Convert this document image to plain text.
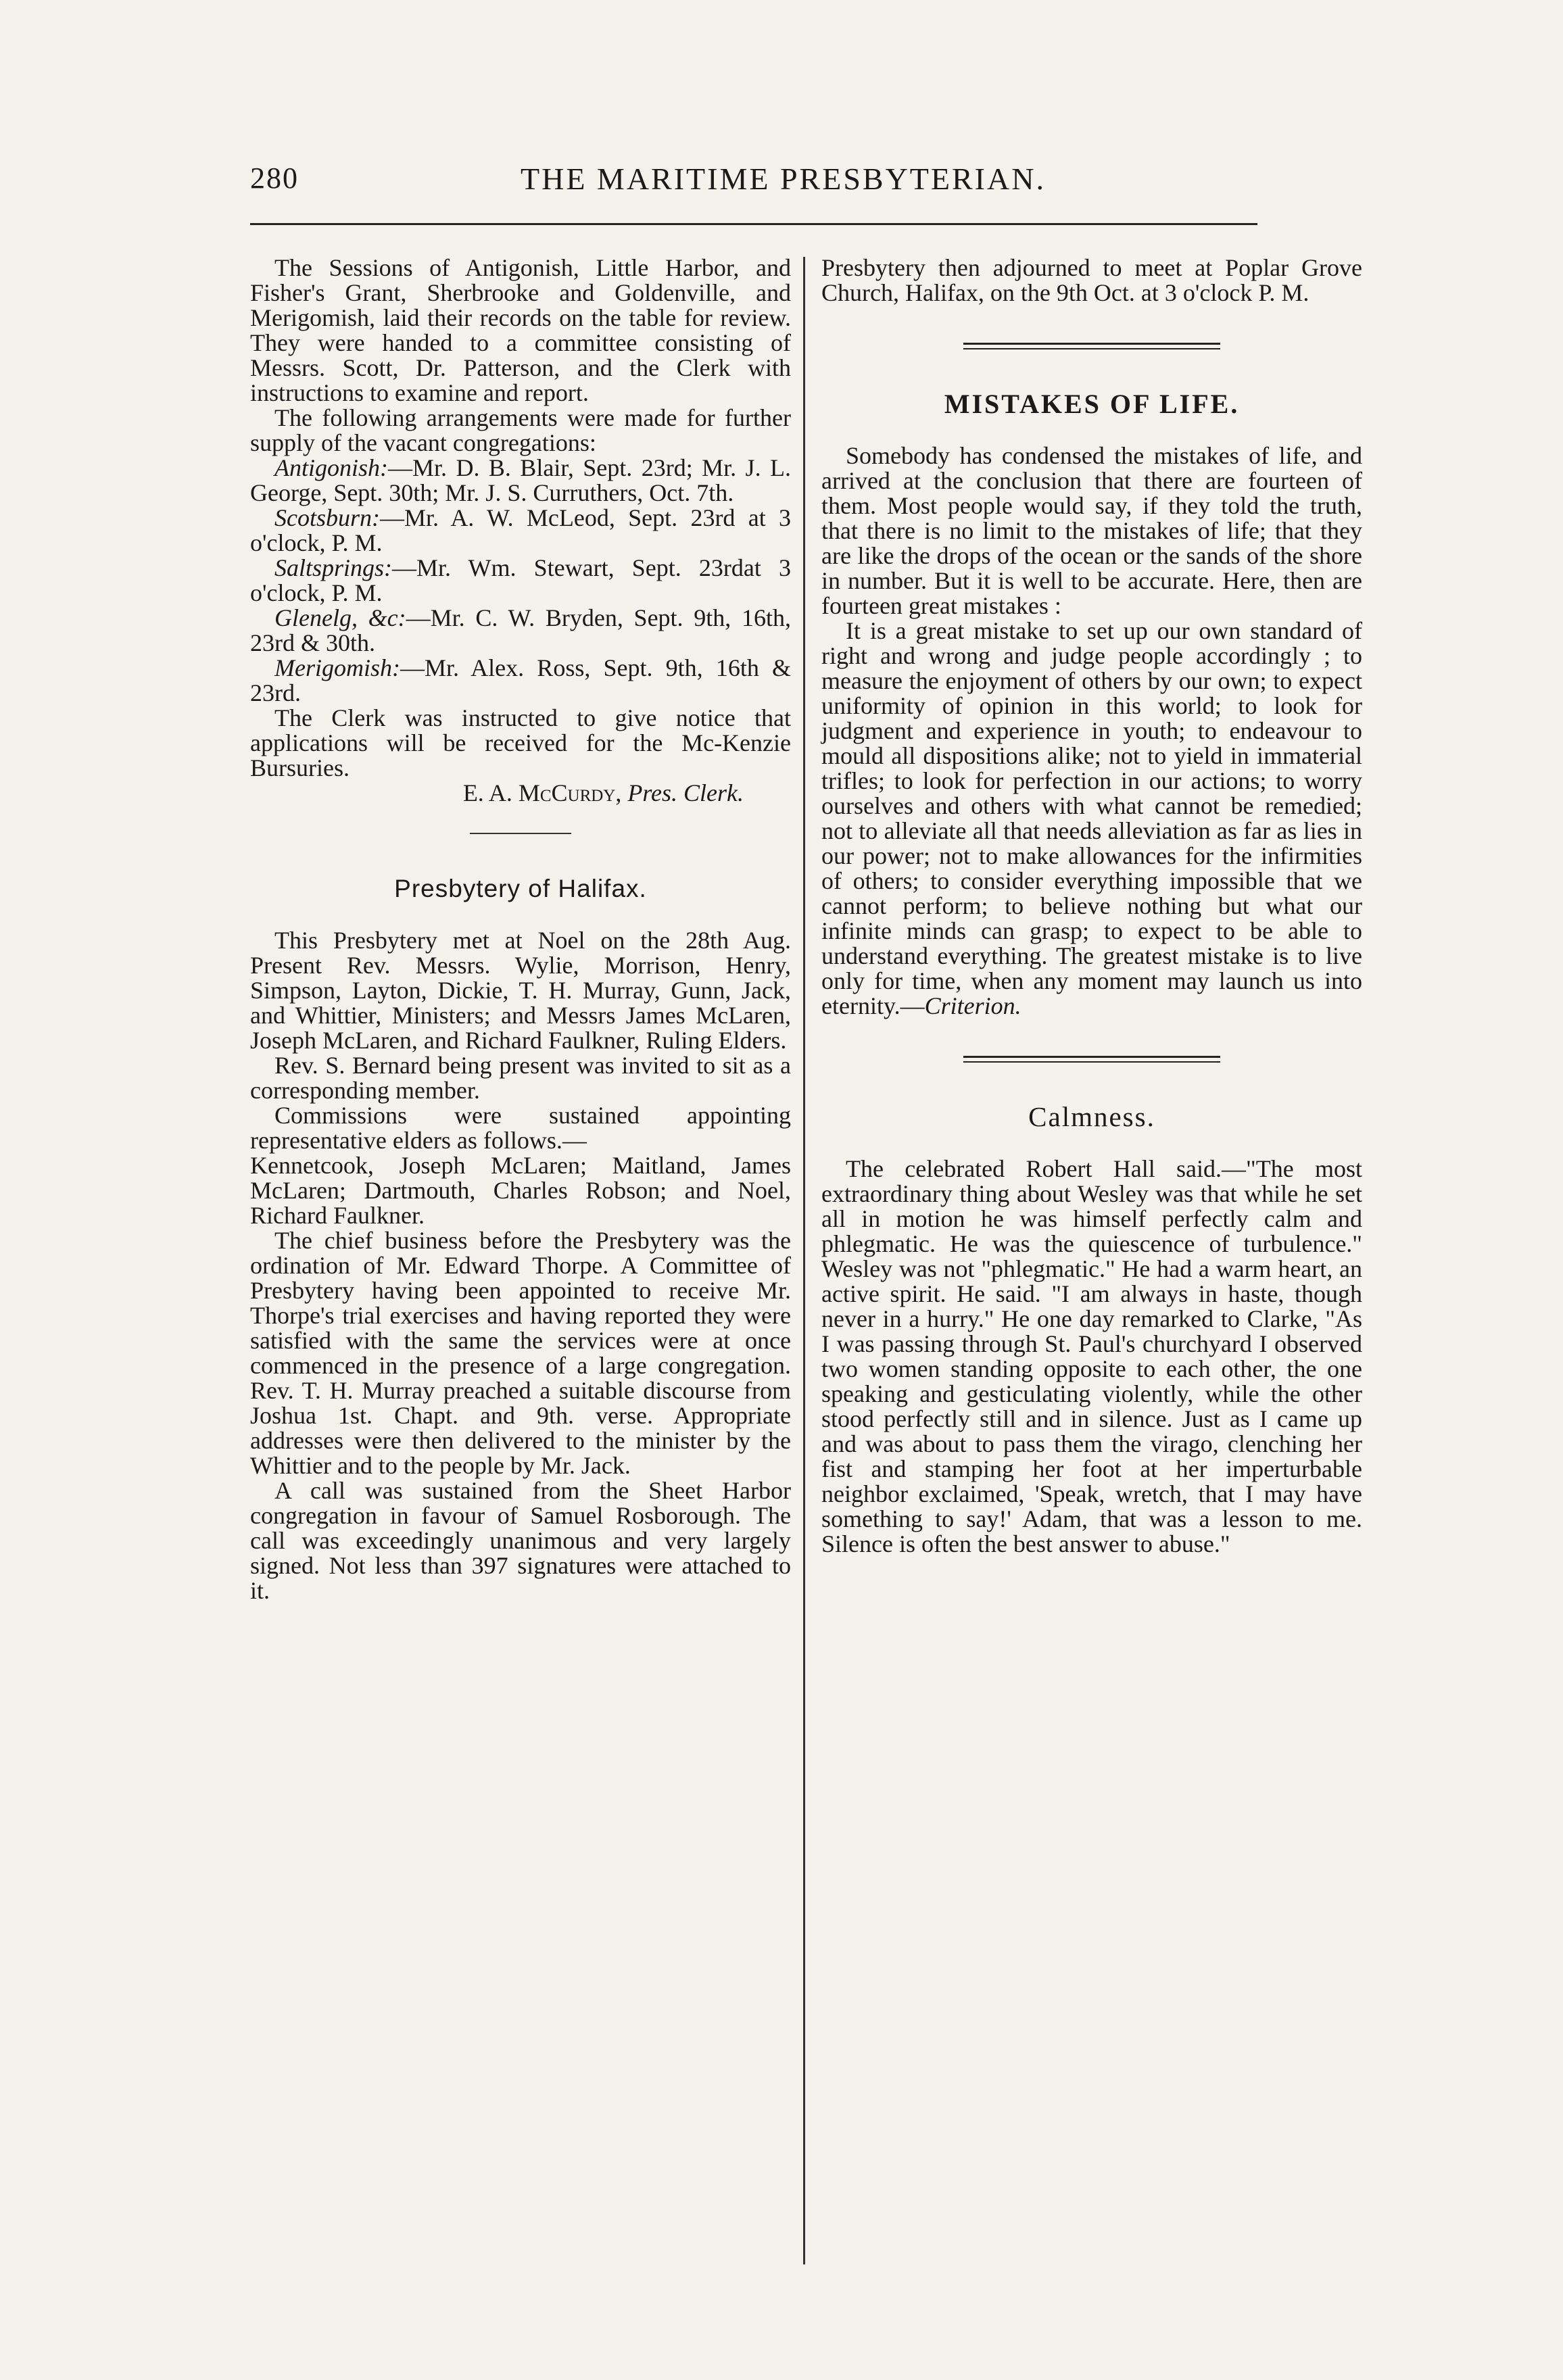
280	THE MARITIME PRESBYTERIAN.

The Sessions of Antigonish, Little Harbor, and Fisher's Grant, Sherbrooke and Goldenville, and Merigomish, laid their records on the table for review. They were handed to a committee consisting of Messrs. Scott, Dr. Patterson, and the Clerk with instructions to examine and report.

The following arrangements were made for further supply of the vacant congregations:

Antigonish:—Mr. D. B. Blair, Sept. 23rd; Mr. J. L. George, Sept. 30th; Mr. J. S. Curruthers, Oct. 7th.

Scotsburn:—Mr. A. W. McLeod, Sept. 23rd at 3 o'clock, P. M.

Saltsprings:—Mr. Wm. Stewart, Sept. 23rdat 3 o'clock, P. M.

Glenelg, &c:—Mr. C. W. Bryden, Sept. 9th, 16th, 23rd & 30th.

Merigomish:—Mr. Alex. Ross, Sept. 9th, 16th & 23rd.

The Clerk was instructed to give notice that applications will be received for the Mc-Kenzie Bursuries.

E. A. McCurdy, Pres. Clerk.

Presbytery of Halifax.

This Presbytery met at Noel on the 28th Aug. Present Rev. Messrs. Wylie, Morrison, Henry, Simpson, Layton, Dickie, T. H. Murray, Gunn, Jack, and Whittier, Ministers; and Messrs James McLaren, Joseph McLaren, and Richard Faulkner, Ruling Elders.

Rev. S. Bernard being present was invited to sit as a corresponding member.

Commissions were sustained appointing representative elders as follows.—

Kennetcook, Joseph McLaren; Maitland, James McLaren; Dartmouth, Charles Robson; and Noel, Richard Faulkner.

The chief business before the Presbytery was the ordination of Mr. Edward Thorpe. A Committee of Presbytery having been appointed to receive Mr. Thorpe's trial exercises and having reported they were satisfied with the same the services were at once commenced in the presence of a large congregation. Rev. T. H. Murray preached a suitable discourse from Joshua 1st. Chapt. and 9th. verse. Appropriate addresses were then delivered to the minister by the Whittier and to the people by Mr. Jack.

A call was sustained from the Sheet Harbor congregation in favour of Samuel Rosborough. The call was exceedingly unanimous and very largely signed. Not less than 397 signatures were attached to it.

Presbytery then adjourned to meet at Poplar Grove Church, Halifax, on the 9th Oct. at 3 o'clock P. M.

MISTAKES OF LIFE.

Somebody has condensed the mistakes of life, and arrived at the conclusion that there are fourteen of them. Most people would say, if they told the truth, that there is no limit to the mistakes of life; that they are like the drops of the ocean or the sands of the shore in number. But it is well to be accurate. Here, then are fourteen great mistakes :

It is a great mistake to set up our own standard of right and wrong and judge people accordingly ; to measure the enjoyment of others by our own; to expect uniformity of opinion in this world; to look for judgment and experience in youth; to endeavour to mould all dispositions alike; not to yield in immaterial trifles; to look for perfection in our actions; to worry ourselves and others with what cannot be remedied; not to alleviate all that needs alleviation as far as lies in our power; not to make allowances for the infirmities of others; to consider everything impossible that we cannot perform; to believe nothing but what our infinite minds can grasp; to expect to be able to understand everything. The greatest mistake is to live only for time, when any moment may launch us into eternity.—Criterion.

Calmness.

The celebrated Robert Hall said.—"The most extraordinary thing about Wesley was that while he set all in motion he was himself perfectly calm and phlegmatic. He was the quiescence of turbulence." Wesley was not "phlegmatic." He had a warm heart, an active spirit. He said. "I am always in haste, though never in a hurry." He one day remarked to Clarke, "As I was passing through St. Paul's churchyard I observed two women standing opposite to each other, the one speaking and gesticulating violently, while the other stood perfectly still and in silence. Just as I came up and was about to pass them the virago, clenching her fist and stamping her foot at her imperturbable neighbor exclaimed, 'Speak, wretch, that I may have something to say!' Adam, that was a lesson to me. Silence is often the best answer to abuse."
